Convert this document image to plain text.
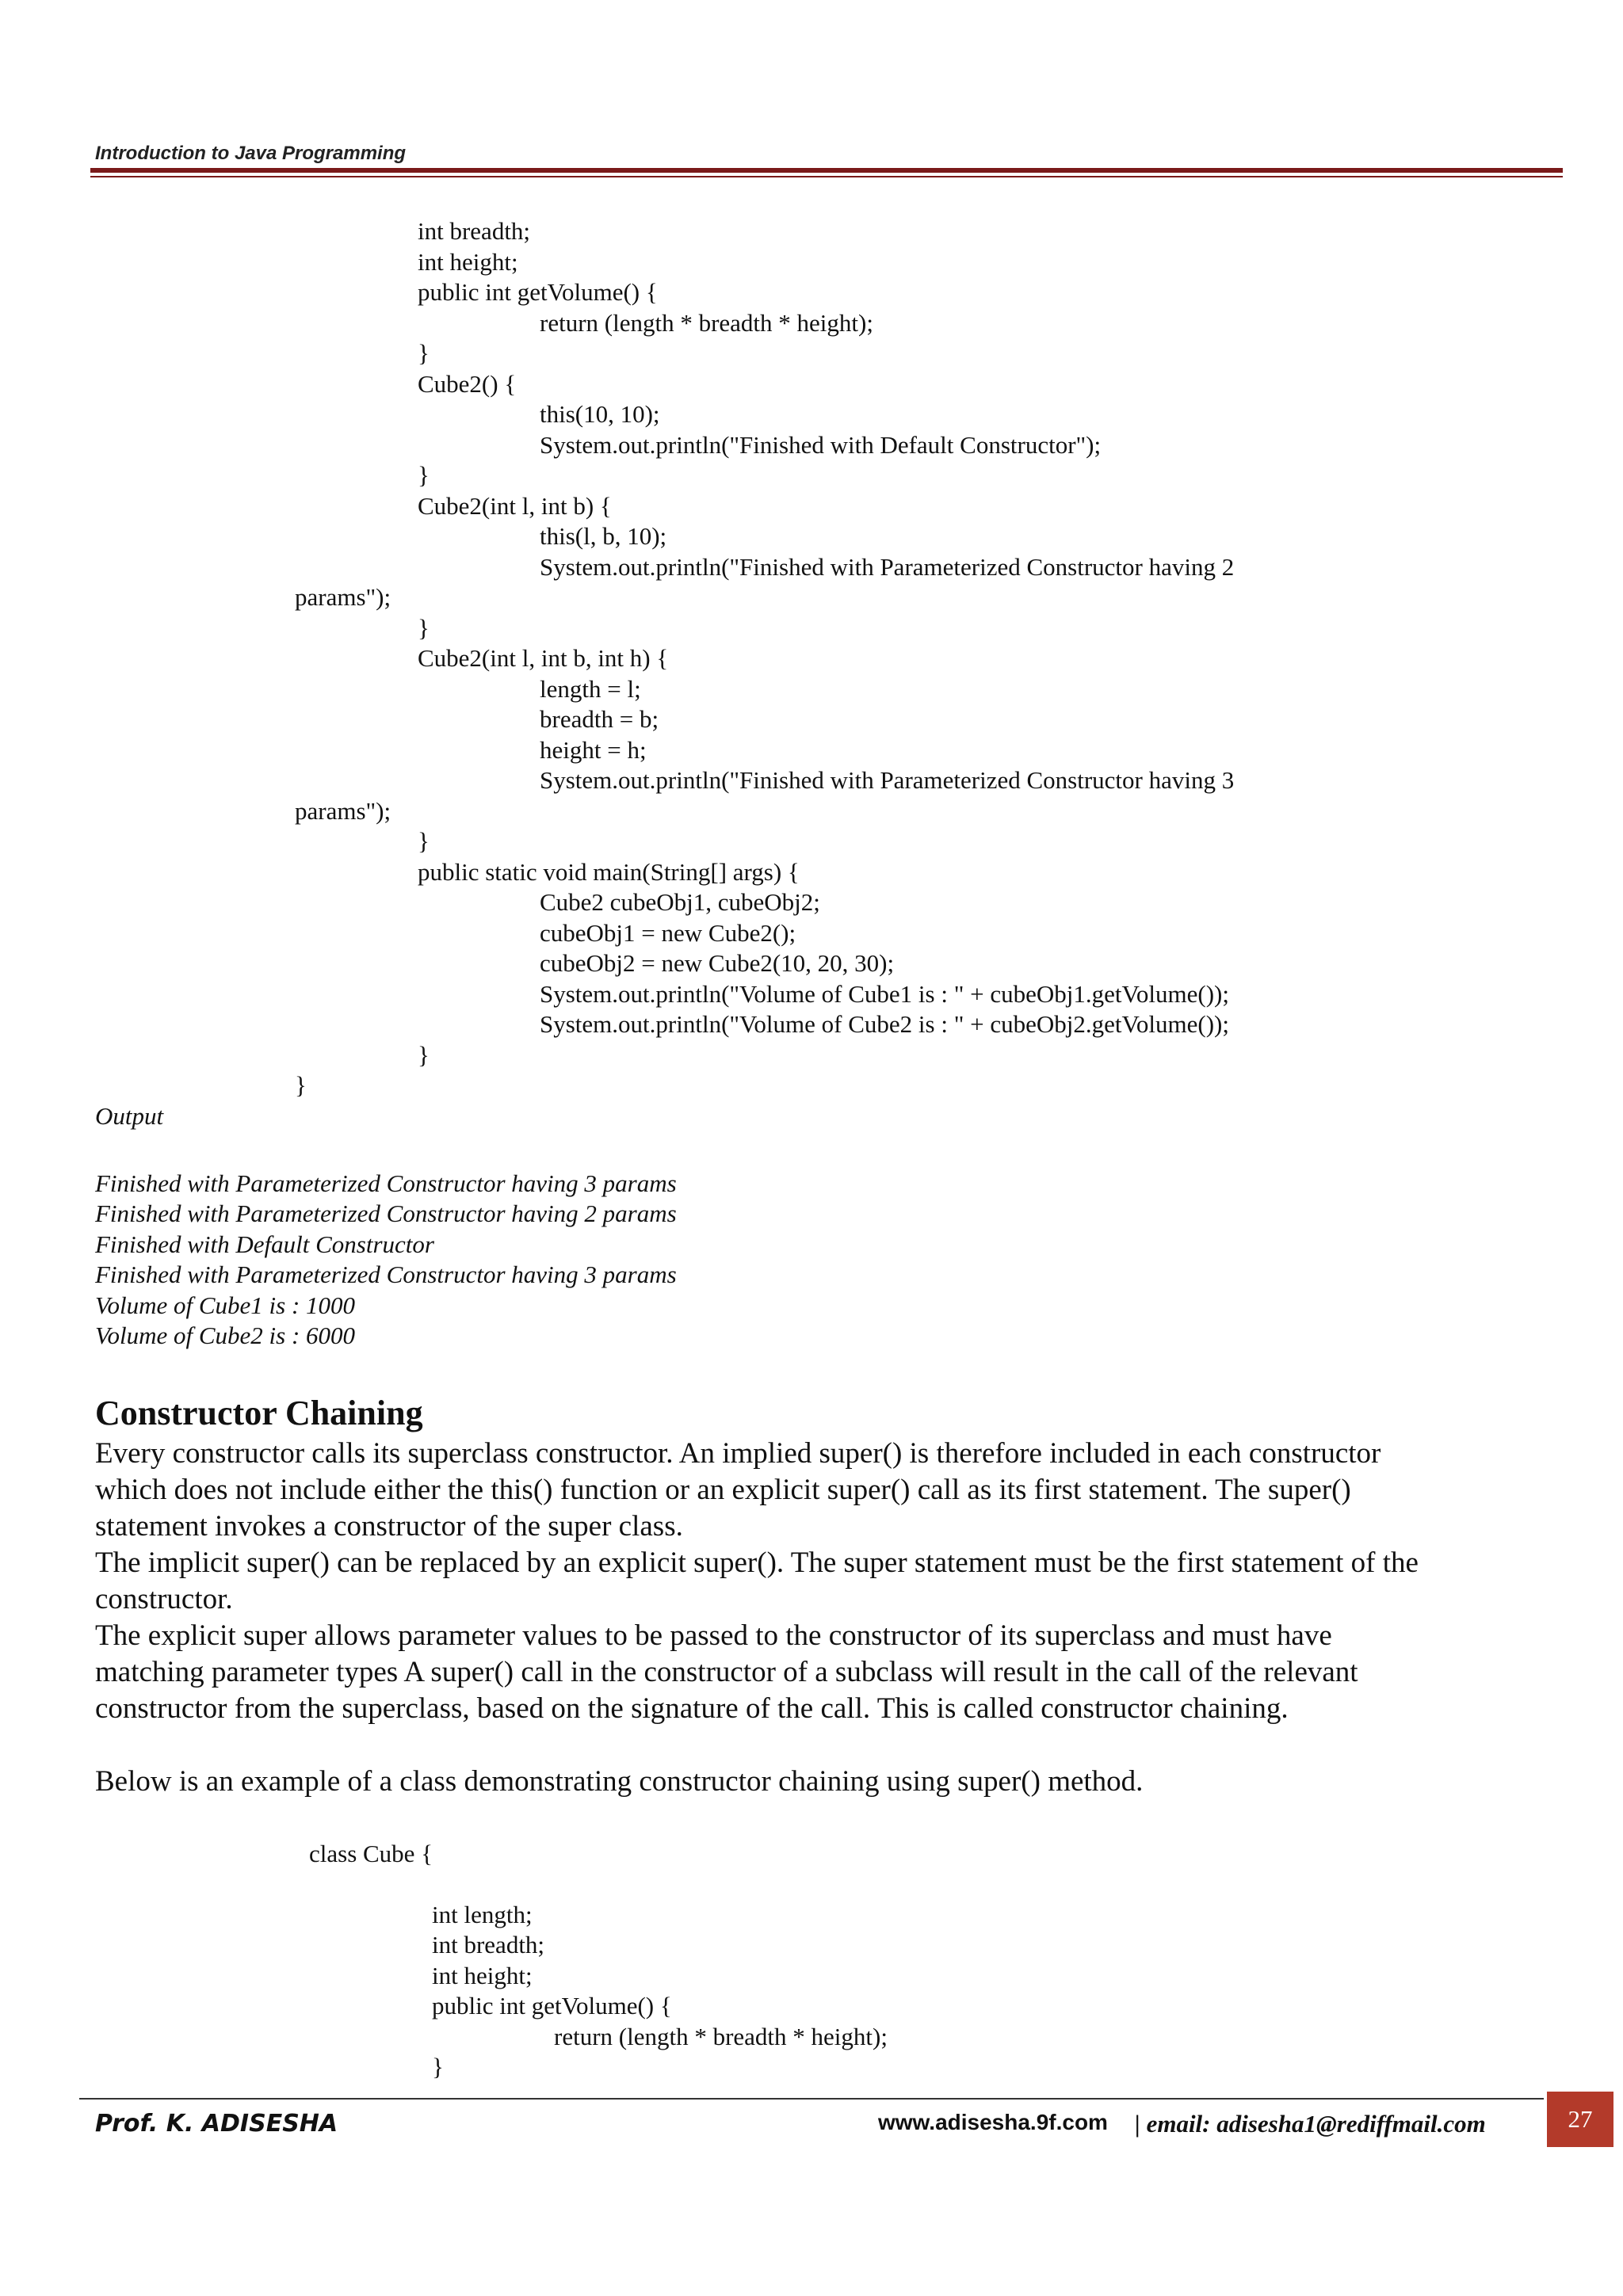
Introduction to Java Programming
int breadth;
int height;
public int getVolume() {
return (length * breadth * height);
}
Cube2() {
this(10, 10);
System.out.println("Finished with Default Constructor");
}
Cube2(int l, int b) {
this(l, b, 10);
System.out.println("Finished with Parameterized Constructor having 2
params");
}
Cube2(int l, int b, int h) {
length = l;
breadth = b;
height = h;
System.out.println("Finished with Parameterized Constructor having 3
params");
}
public static void main(String[] args) {
Cube2 cubeObj1, cubeObj2;
cubeObj1 = new Cube2();
cubeObj2 = new Cube2(10, 20, 30);
System.out.println("Volume of Cube1 is : " + cubeObj1.getVolume());
System.out.println("Volume of Cube2 is : " + cubeObj2.getVolume());
}
}
Output
Finished with Parameterized Constructor having 3 params
Finished with Parameterized Constructor having 2 params
Finished with Default Constructor
Finished with Parameterized Constructor having 3 params
Volume of Cube1 is : 1000
Volume of Cube2 is : 6000
Constructor Chaining
Every constructor calls its superclass constructor. An implied super() is therefore included in each constructor
which does not include either the this() function or an explicit super() call as its first statement. The super()
statement invokes a constructor of the super class.
The implicit super() can be replaced by an explicit super(). The super statement must be the first statement of the
constructor.
The explicit super allows parameter values to be passed to the constructor of its superclass and must have
matching parameter types A super() call in the constructor of a subclass will result in the call of the relevant
constructor from the superclass, based on the signature of the call. This is called constructor chaining.
Below is an example of a class demonstrating constructor chaining using super() method.
class Cube {
int length;
int breadth;
int height;
public int getVolume() {
return (length * breadth * height);
}
Prof. K. ADISESHA	www.adisesha.9f.com | email: adisesha1@rediffmail.com	27
